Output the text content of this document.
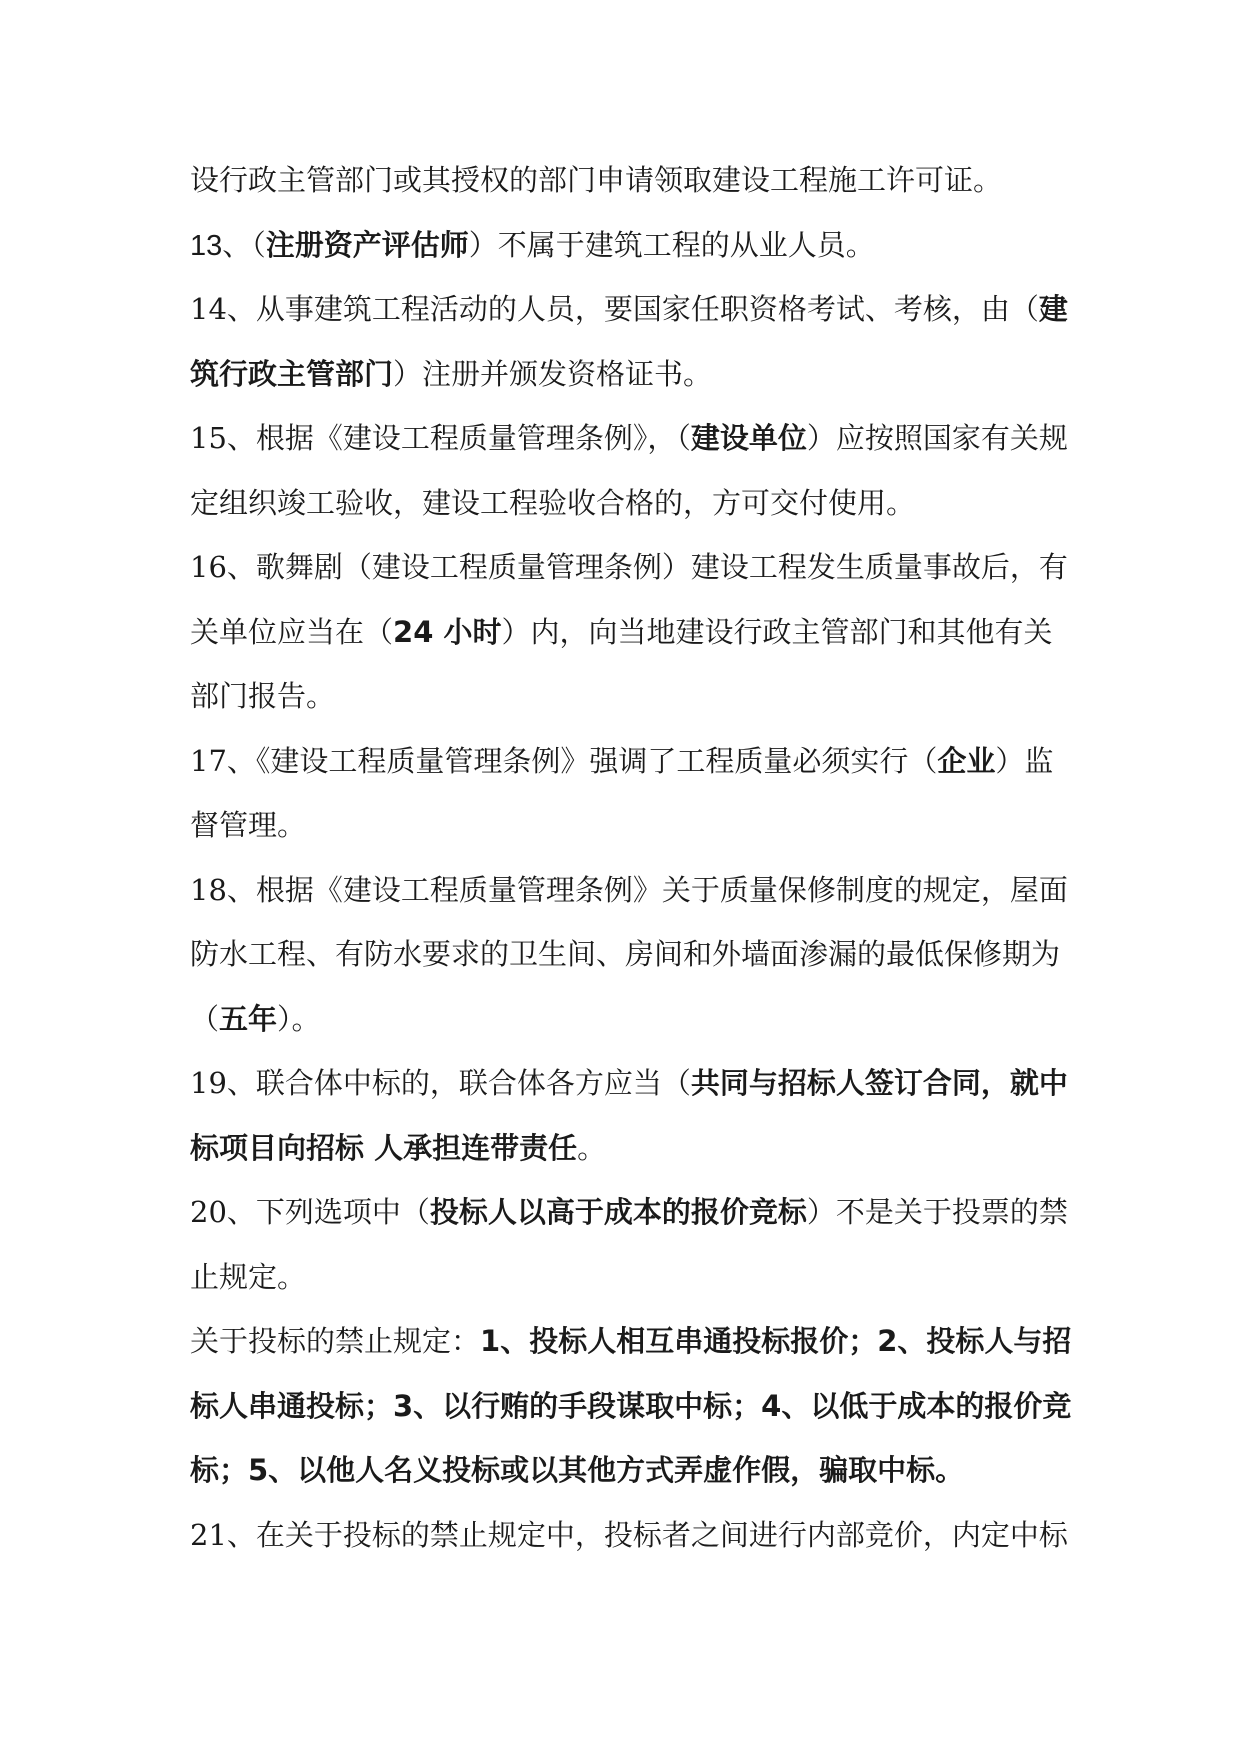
设行政主管部门或其授权的部门申请领取建设工程施工许可证。
13、（注册资产评估师）不属于建筑工程的从业人员。
14、从事建筑工程活动的人员，要国家任职资格考试、考核，由（建
筑行政主管部门）注册并颁发资格证书。
15、根据《建设工程质量管理条例》，（建设单位）应按照国家有关规
定组织竣工验收，建设工程验收合格的，方可交付使用。
16、歌舞剧（建设工程质量管理条例）建设工程发生质量事故后，有
关单位应当在（24 小时）内，向当地建设行政主管部门和其他有关
部门报告。
17、《建设工程质量管理条例》强调了工程质量必须实行（企业）监
督管理。
18、根据《建设工程质量管理条例》关于质量保修制度的规定，屋面
防水工程、有防水要求的卫生间、房间和外墙面渗漏的最低保修期为
（五年）。
19、联合体中标的，联合体各方应当（共同与招标人签订合同，就中
标项目向招标 人承担连带责任。
20、下列选项中（投标人以高于成本的报价竞标）不是关于投票的禁
止规定。
关于投标的禁止规定：1、投标人相互串通投标报价；2、投标人与招
标人串通投标；3、以行贿的手段谋取中标；4、以低于成本的报价竞
标；5、以他人名义投标或以其他方式弄虚作假，骗取中标。
21、在关于投标的禁止规定中，投标者之间进行内部竞价，内定中标
